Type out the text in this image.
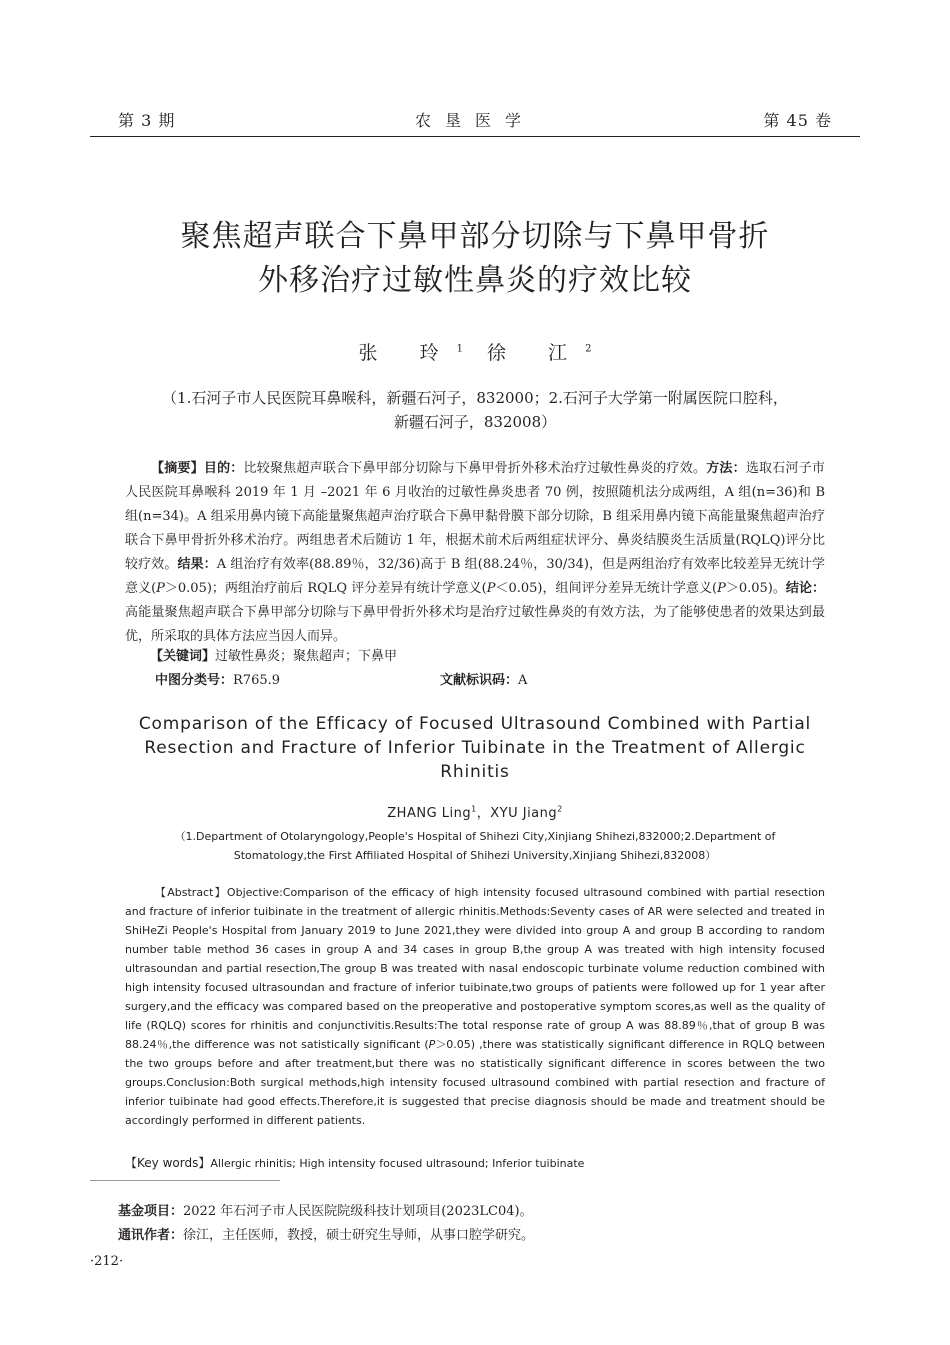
第 3 期	农垦医学	第 45 卷
聚焦超声联合下鼻甲部分切除与下鼻甲骨折
外移治疗过敏性鼻炎的疗效比较
张 玲$^1$ 徐 江$^2$
（1.石河子市人民医院耳鼻喉科，新疆石河子，832000；2.石河子大学第一附属医院口腔科，
新疆石河子，832008）
【摘要】目的：比较聚焦超声联合下鼻甲部分切除与下鼻甲骨折外移术治疗过敏性鼻炎的疗效。方法：选取石河子市人民医院耳鼻喉科 2019 年 1 月 –2021 年 6 月收治的过敏性鼻炎患者 70 例，按照随机法分成两组，A 组(n=36)和 B 组(n=34)。A 组采用鼻内镜下高能量聚焦超声治疗联合下鼻甲黏骨膜下部分切除，B 组采用鼻内镜下高能量聚焦超声治疗联合下鼻甲骨折外移术治疗。两组患者术后随访 1 年，根据术前术后两组症状评分、鼻炎结膜炎生活质量(RQLQ)评分比较疗效。结果：A 组治疗有效率(88.89％，32/36)高于 B 组(88.24％，30/34)，但是两组治疗有效率比较差异无统计学意义(P＞0.05)；两组治疗前后 RQLQ 评分差异有统计学意义(P＜0.05)，组间评分差异无统计学意义(P＞0.05)。结论：高能量聚焦超声联合下鼻甲部分切除与下鼻甲骨折外移术均是治疗过敏性鼻炎的有效方法，为了能够使患者的效果达到最优，所采取的具体方法应当因人而异。
【关键词】过敏性鼻炎；聚焦超声；下鼻甲
中图分类号：R765.9	文献标识码：A
Comparison of the Efficacy of Focused Ultrasound Combined with Partial
Resection and Fracture of Inferior Tuibinate in the Treatment of Allergic
Rhinitis
ZHANG Ling$^1$，XYU Jiang$^2$
（1.Department of Otolaryngology,People's Hospital of Shihezi City,Xinjiang Shihezi,832000;2.Department of
Stomatology,the First Affiliated Hospital of Shihezi University,Xinjiang Shihezi,832008）
【Abstract】Objective:Comparison of the efficacy of high intensity focused ultrasound combined with partial resection and fracture of inferior tuibinate in the treatment of allergic rhinitis.Methods:Seventy cases of AR were selected and treated in ShiHeZi People's Hospital from January 2019 to June 2021,they were divided into group A and group B according to random number table method 36 cases in group A and 34 cases in group B,the group A was treated with high intensity focused ultrasoundan and partial resection,The group B was treated with nasal endoscopic turbinate volume reduction combined with high intensity focused ultrasoundan and fracture of inferior tuibinate,two groups of patients were followed up for 1 year after surgery,and the efficacy was compared based on the preoperative and postoperative symptom scores,as well as the quality of life (RQLQ) scores for rhinitis and conjunctivitis.Results:The total response rate of group A was 88.89％,that of group B was 88.24％,the difference was not satistically significant (P＞0.05) ,there was statistically significant difference in RQLQ between the two groups before and after treatment,but there was no statistically significant difference in scores between the two groups.Conclusion:Both surgical methods,high intensity focused ultrasound combined with partial resection and fracture of inferior tuibinate had good effects.Therefore,it is suggested that precise diagnosis should be made and treatment should be accordingly performed in different patients.
【Key words】Allergic rhinitis; High intensity focused ultrasound; Inferior tuibinate
基金项目：2022 年石河子市人民医院院级科技计划项目(2023LC04)。
通讯作者：徐江，主任医师，教授，硕士研究生导师，从事口腔学研究。
·212·
